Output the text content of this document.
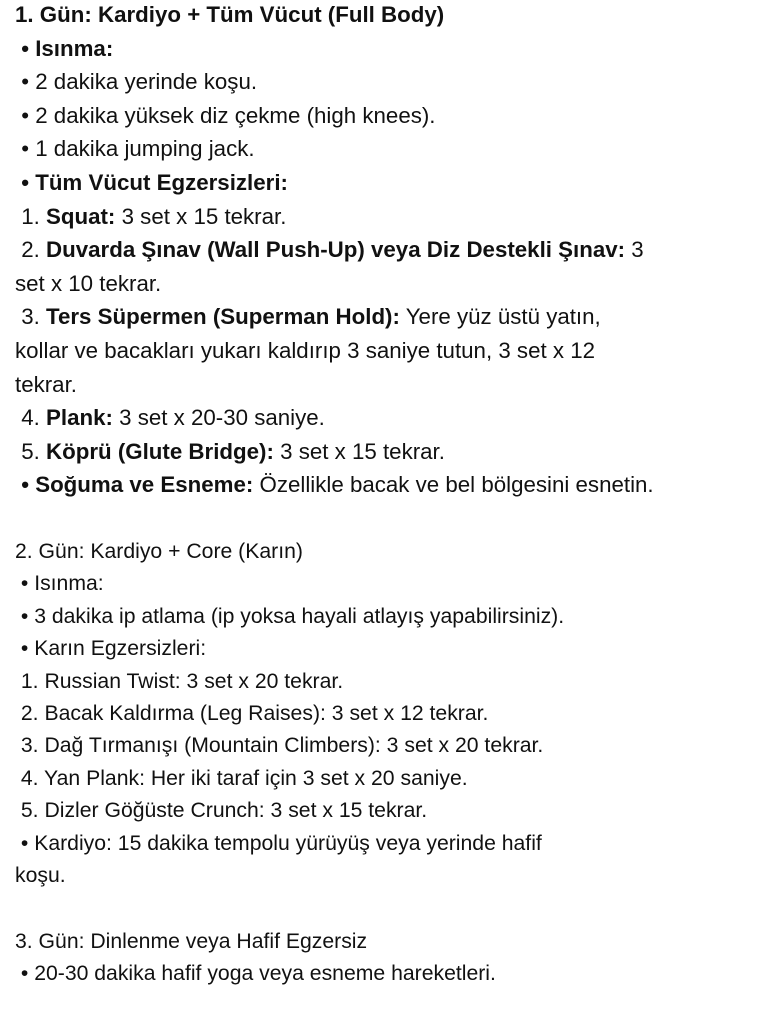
1. Gün: Kardiyo + Tüm Vücut (Full Body)

• Isınma:

• 2 dakika yerinde koşu.

• 2 dakika yüksek diz çekme (high knees).

• 1 dakika jumping jack.

• Tüm Vücut Egzersizleri:

1. Squat: 3 set x 15 tekrar.

2. Duvarda Şınav (Wall Push-Up) veya Diz Destekli Şınav: 3

set x 10 tekrar.

3. Ters Süpermen (Superman Hold): Yere yüz üstü yatın,

kollar ve bacakları yukarı kaldırıp 3 saniye tutun, 3 set x 12

tekrar.

4. Plank: 3 set x 20-30 saniye.

5. Köprü (Glute Bridge): 3 set x 15 tekrar.

• Soğuma ve Esneme: Özellikle bacak ve bel bölgesini esnetin.

2. Gün: Kardiyo + Core (Karın)

• Isınma:

• 3 dakika ip atlama (ip yoksa hayali atlayış yapabilirsiniz).

• Karın Egzersizleri:

1. Russian Twist: 3 set x 20 tekrar.

2. Bacak Kaldırma (Leg Raises): 3 set x 12 tekrar.

3. Dağ Tırmanışı (Mountain Climbers): 3 set x 20 tekrar.

4. Yan Plank: Her iki taraf için 3 set x 20 saniye.

5. Dizler Göğüste Crunch: 3 set x 15 tekrar.

• Kardiyo: 15 dakika tempolu yürüyüş veya yerinde hafif

koşu.

3. Gün: Dinlenme veya Hafif Egzersiz

• 20-30 dakika hafif yoga veya esneme hareketleri.
